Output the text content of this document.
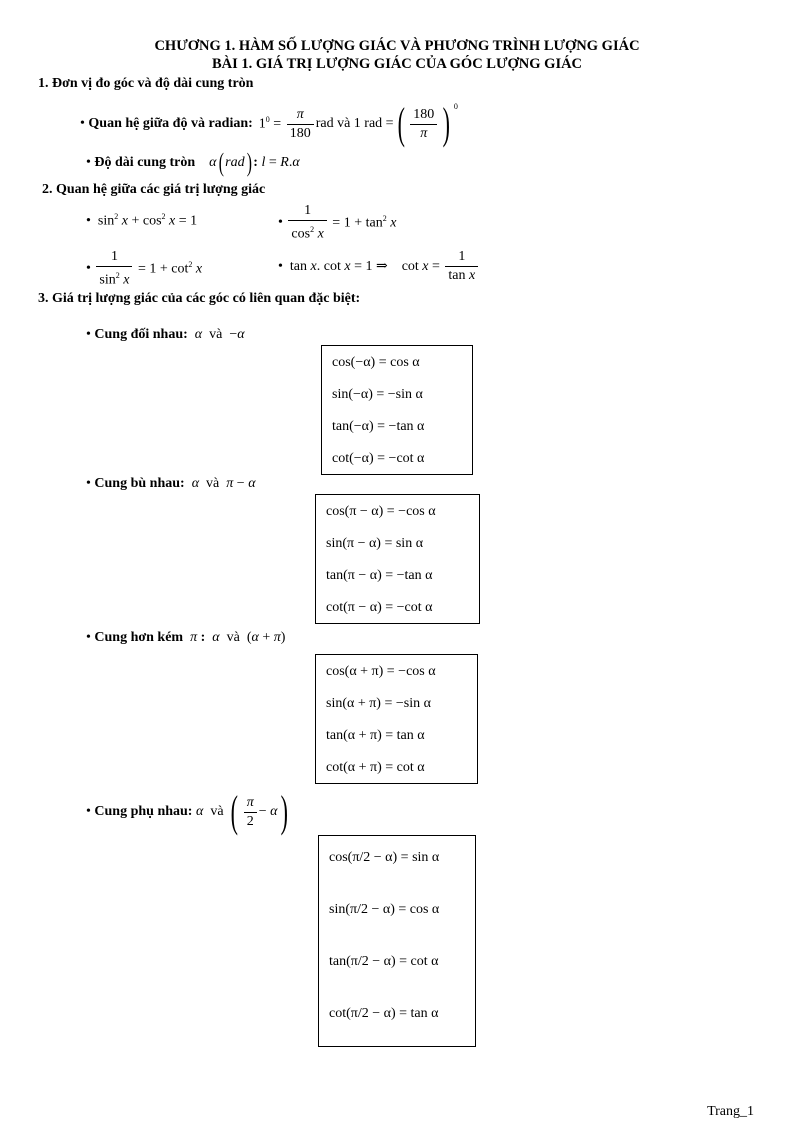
CHƯƠNG 1. HÀM SỐ LƯỢNG GIÁC VÀ PHƯƠNG TRÌNH LƯỢNG GIÁC
BÀI 1. GIÁ TRỊ LƯỢNG GIÁC CỦA GÓC LƯỢNG GIÁC
1. Đơn vị đo góc và độ dài cung tròn
• Quan hệ giữa độ và radian: $1^0 = \frac{\pi}{180}$ rad và 1 rad = ( $\frac{180}{\pi}$ ) 0
• Độ dài cung tròn α ( rad ) : l = R.α
2. Quan hệ giữa các giá trị lượng giác
•  $\sin^2 x + \cos^2 x = 1$	• $\frac{1}{\cos^2 x} = 1 + \tan^2 x$
• $\frac{1}{\sin^2 x} = 1 + \cot^2 x$	•  tan x. cot x = 1 ⇒    $\cot x = \frac{1}{\text{tan x}}$
3. Giá trị lượng giác của các góc có liên quan đặc biệt:
• Cung đối nhau: α và  −α
cos(−α) = cos α
sin(−α) = −sin α
tan(−α) = −tan α
cot(−α) = −cot α
• Cung bù nhau: α và π − α
cos(π − α) = −cos α
sin(π − α) = sin α
tan(π − α) = −tan α
cot(π − α) = −cot α
• Cung hơn kém π : α và  (α + π)
cos(α + π) = −cos α
sin(α + π) = −sin α
tan(α + π) = tan α
cot(α + π) = cot α
• Cung phụ nhau: α và ( $\frac{\pi}{2} - \alpha$ )
cos(π/2 − α) = sin α
sin(π/2 − α) = cos α
tan(π/2 − α) = cot α
cot(π/2 − α) = tan α
Trang_1
